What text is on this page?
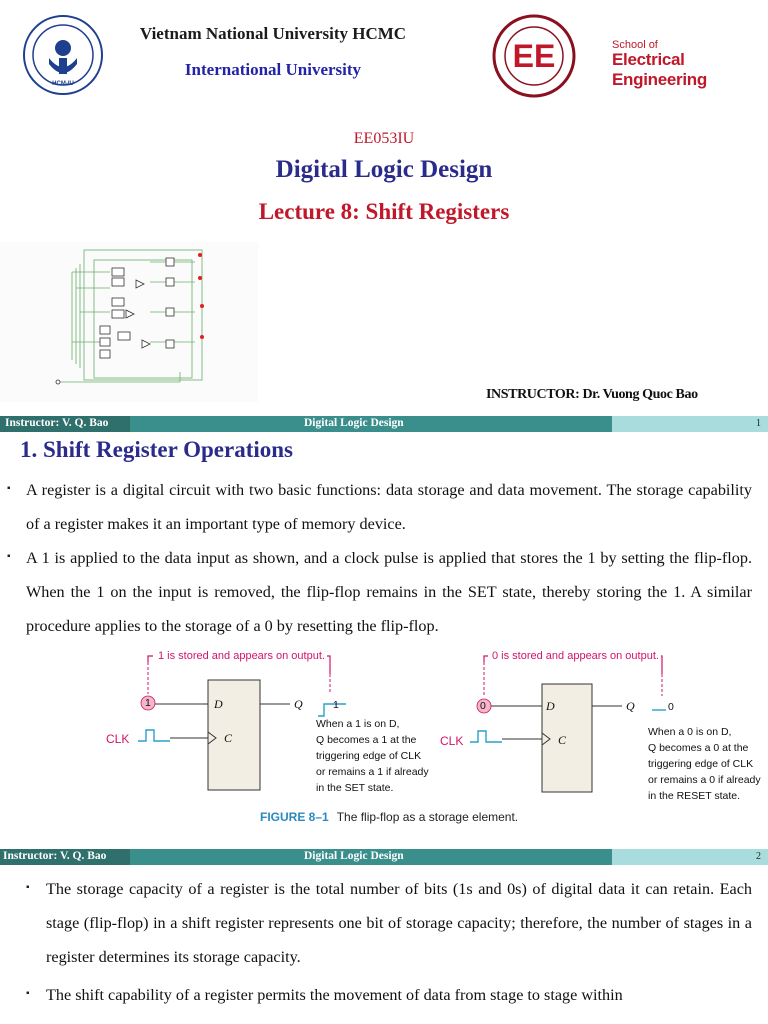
HCM-IU
Vietnam National University HCMC
International University	EE	School of
Electrical Engineering
EE053IU
Digital Logic Design
Lecture 8: Shift Registers
INSTRUCTOR: Dr. Vuong Quoc Bao
Instructor: V. Q. Bao	Digital Logic Design	1
1. Shift Register Operations
▪ A register is a digital circuit with two basic functions: data storage and data movement. The storage capability of a register makes it an important type of memory device.
▪ A 1 is applied to the data input as shown, and a clock pulse is applied that stores the 1 by setting the flip-flop. When the 1 on the input is removed, the flip-flop remains in the SET state, thereby storing the 1. A similar procedure applies to the storage of a 0 by resetting the flip-flop.
1 is stored and appears on output.
1	D
C
Q
CLK
1
When a 1 is on D,
Q becomes a 1 at the
triggering edge of CLK
or remains a 1 if already
in the SET state.
0 is stored and appears on output.
0	D
C
Q
CLK
0
When a 0 is on D,
Q becomes a 0 at the
triggering edge of CLK
or remains a 0 if already
in the RESET state.
FIGURE 8–1 The flip-flop as a storage element.
Instructor: V. Q. Bao	Digital Logic Design	2
▪ The storage capacity of a register is the total number of bits (1s and 0s) of digital data it can retain. Each stage (flip-flop) in a shift register represents one bit of storage capacity; therefore, the number of stages in a register determines its storage capacity.
▪ The shift capability of a register permits the movement of data from stage to stage within
